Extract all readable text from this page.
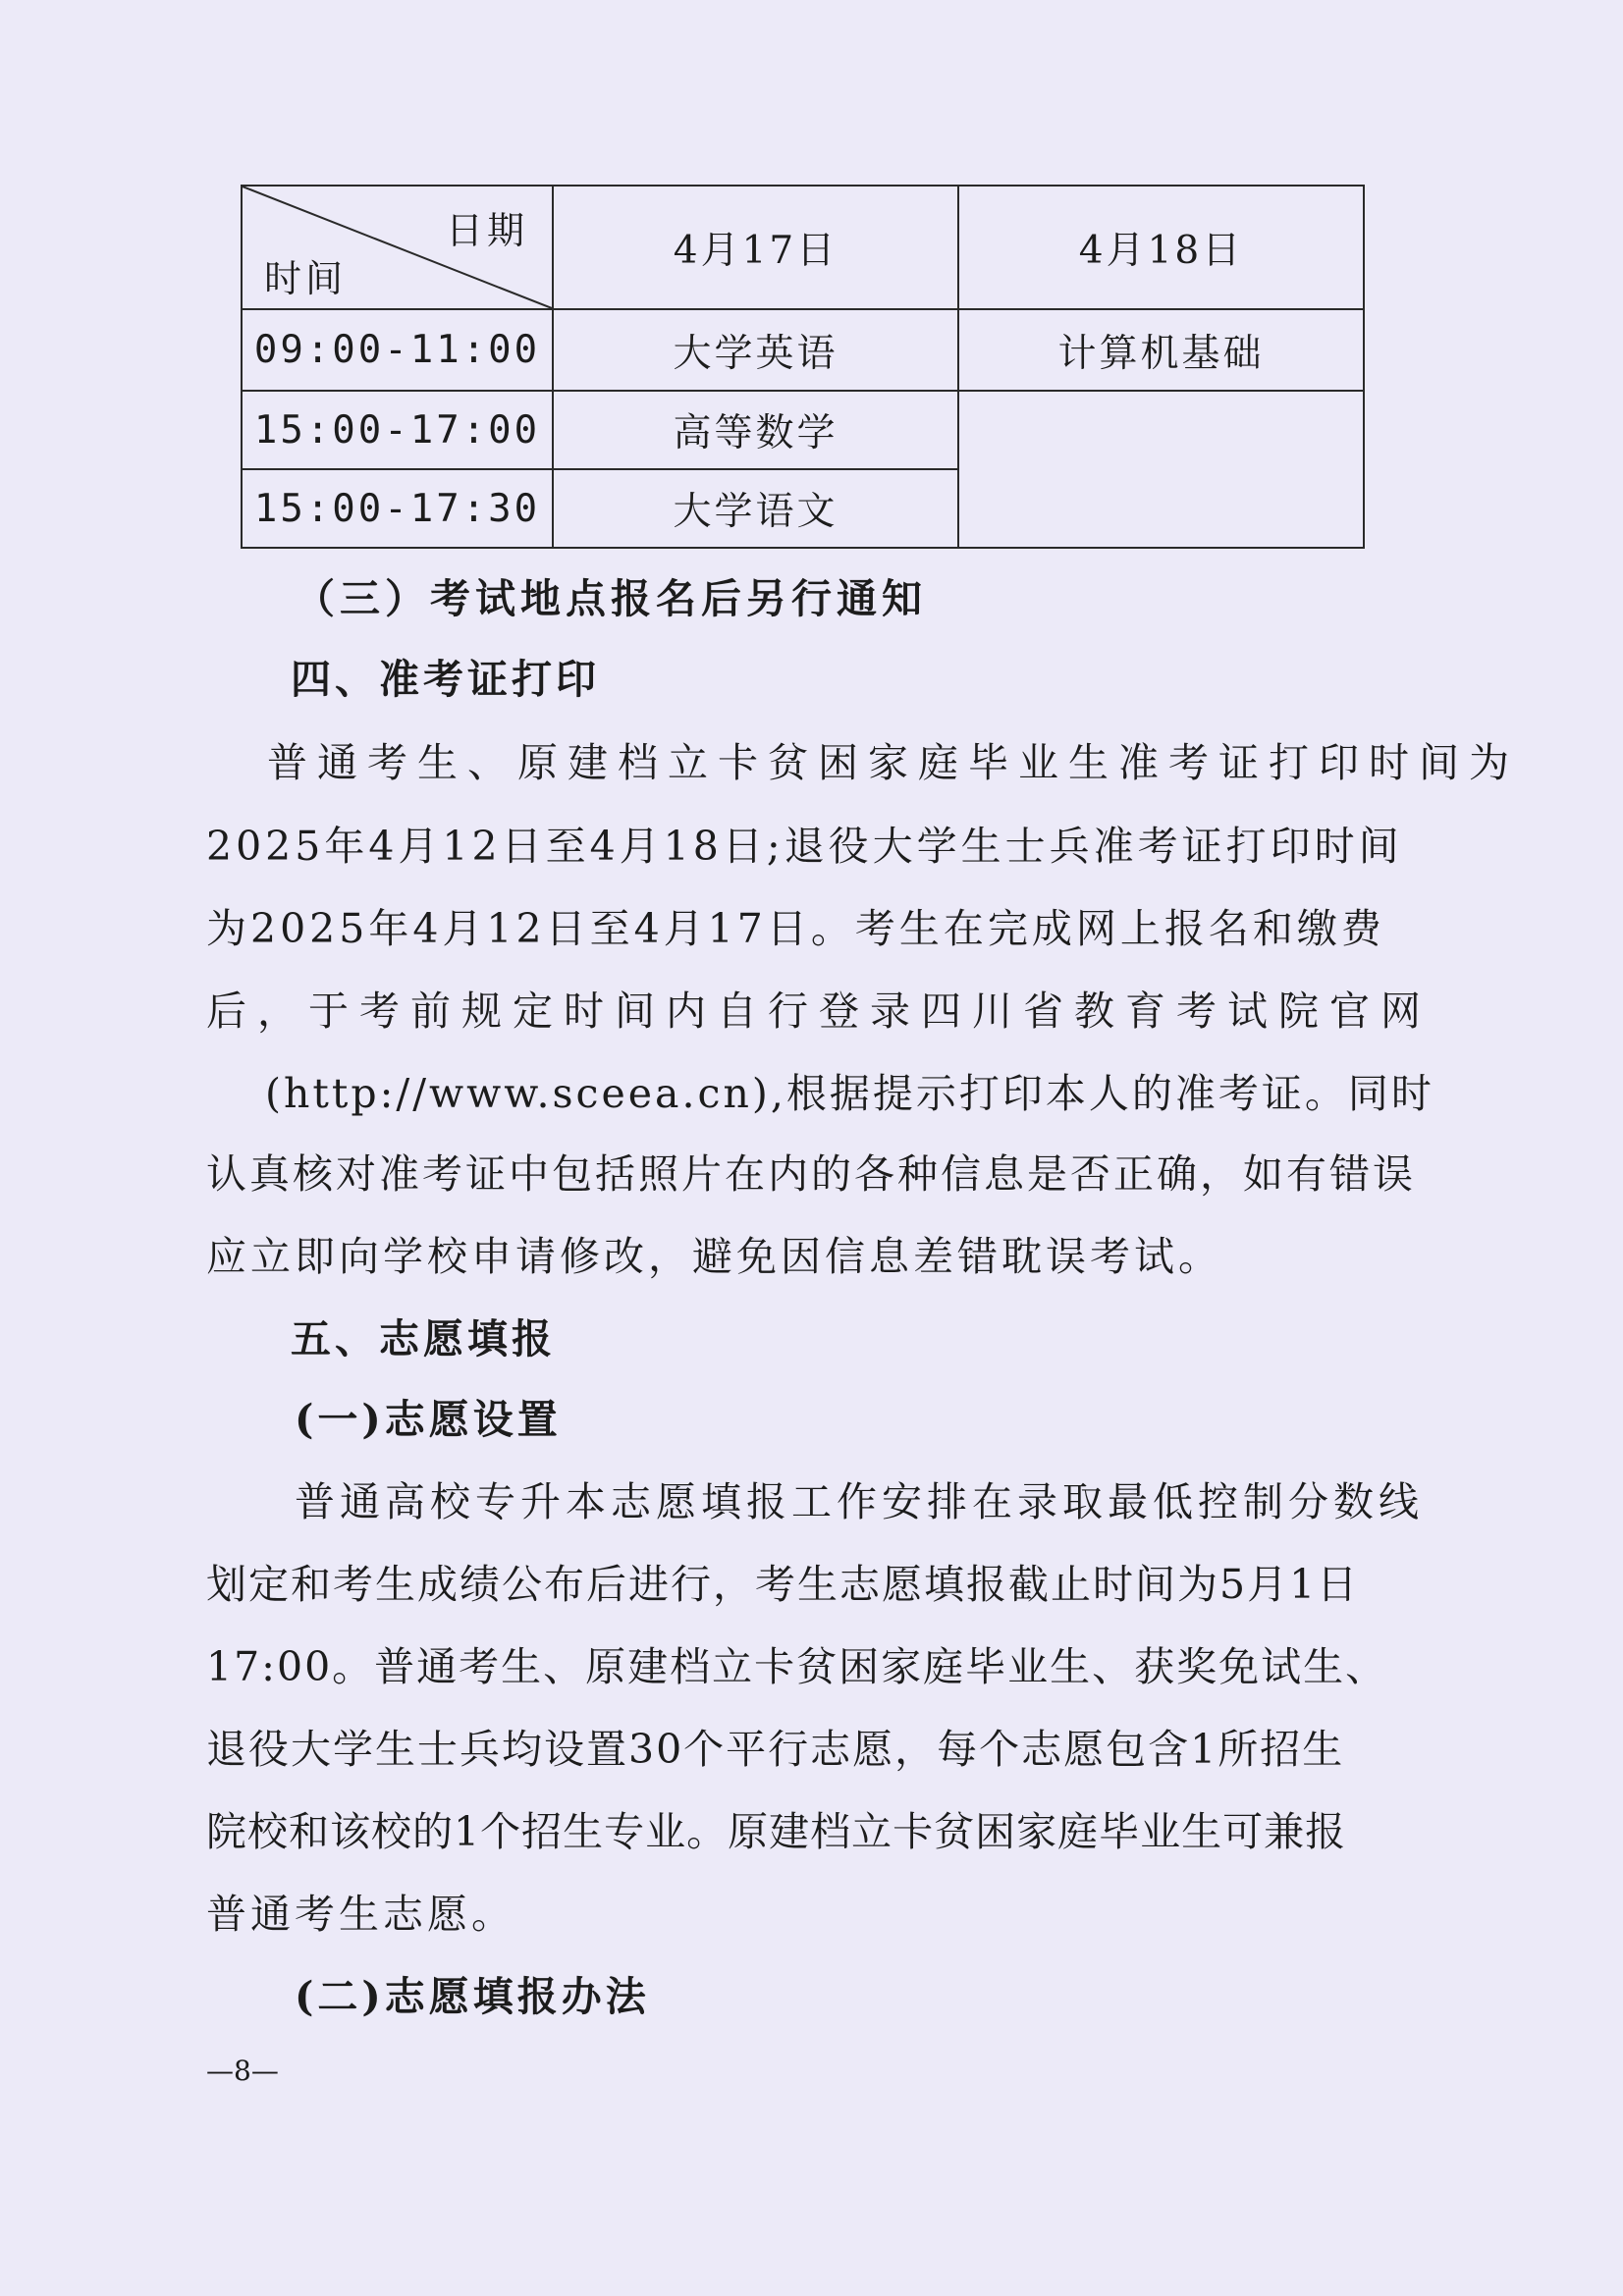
日期
时间	4月17日	4月18日
09:00-11:00	大学英语	计算机基础
15:00-17:00	高等数学	
15:00-17:30	大学语文	
（三）考试地点报名后另行通知
四、准考证打印
普通考生、原建档立卡贫困家庭毕业生准考证打印时间为
2025年4月12日至4月18日;退役大学生士兵准考证打印时间
为2025年4月12日至4月17日。考生在完成网上报名和缴费
后，于考前规定时间内自行登录四川省教育考试院官网
(http://www.sceea.cn),根据提示打印本人的准考证。同时
认真核对准考证中包括照片在内的各种信息是否正确，如有错误
应立即向学校申请修改，避免因信息差错耽误考试。
五、志愿填报
(一)志愿设置
普通高校专升本志愿填报工作安排在录取最低控制分数线
划定和考生成绩公布后进行，考生志愿填报截止时间为5月1日
17:00。普通考生、原建档立卡贫困家庭毕业生、获奖免试生、
退役大学生士兵均设置30个平行志愿，每个志愿包含1所招生
院校和该校的1个招生专业。原建档立卡贫困家庭毕业生可兼报
普通考生志愿。
(二)志愿填报办法
—8—
